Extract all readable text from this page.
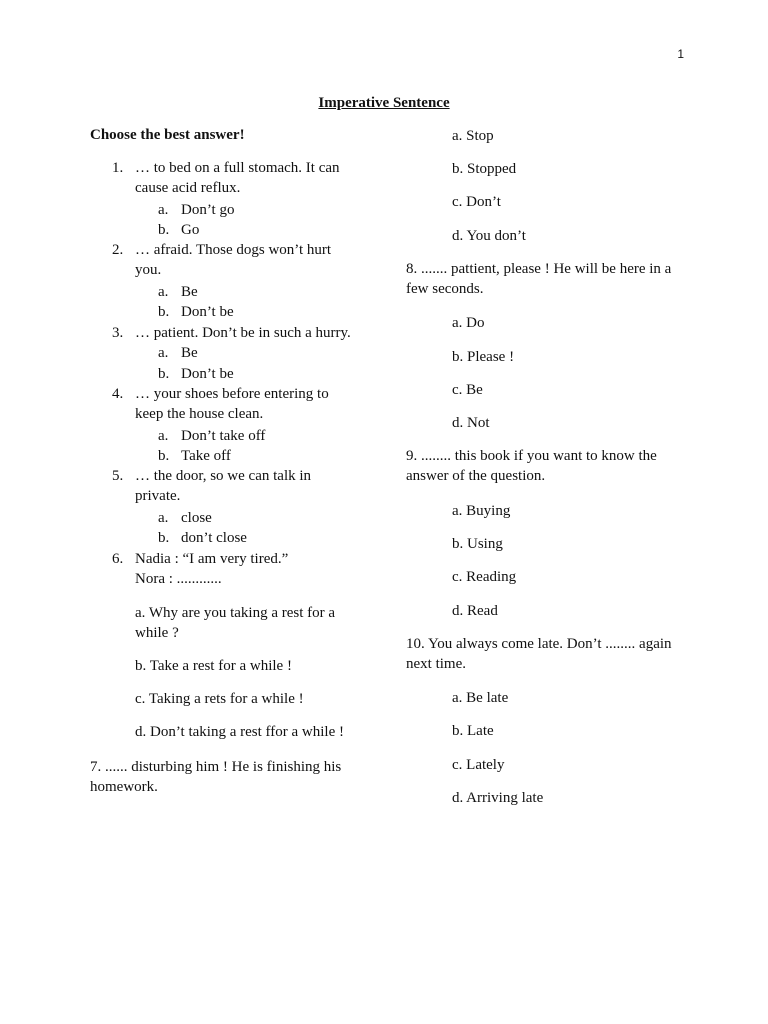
1
Imperative Sentence
Choose the best answer!
1. … to bed on a full stomach. It can cause acid reflux.
a. Don’t go
b. Go
2. … afraid. Those dogs won’t hurt you.
a. Be
b. Don’t be
3. … patient. Don’t be in such a hurry.
a. Be
b. Don’t be
4. … your shoes before entering to keep the house clean.
a. Don’t take off
b. Take off
5. … the door, so we can talk in private.
a. close
b. don’t close
6. Nadia : “I am very tired.”
Nora : ............
a. Why are you taking a rest for a while ?
b. Take a rest for a while !
c. Taking a rets for a while !
d. Don’t taking a rest ffor a while !
7. ...... disturbing him ! He is finishing his homework.
a. Stop
b. Stopped
c. Don’t
d. You don’t
8. ....... pattient, please ! He will be here in a few seconds.
a. Do
b. Please !
c. Be
d. Not
9. ........ this book if you want to know the answer of the question.
a. Buying
b. Using
c. Reading
d. Read
10. You always come late. Don’t ........ again next time.
a. Be late
b. Late
c. Lately
d. Arriving late
